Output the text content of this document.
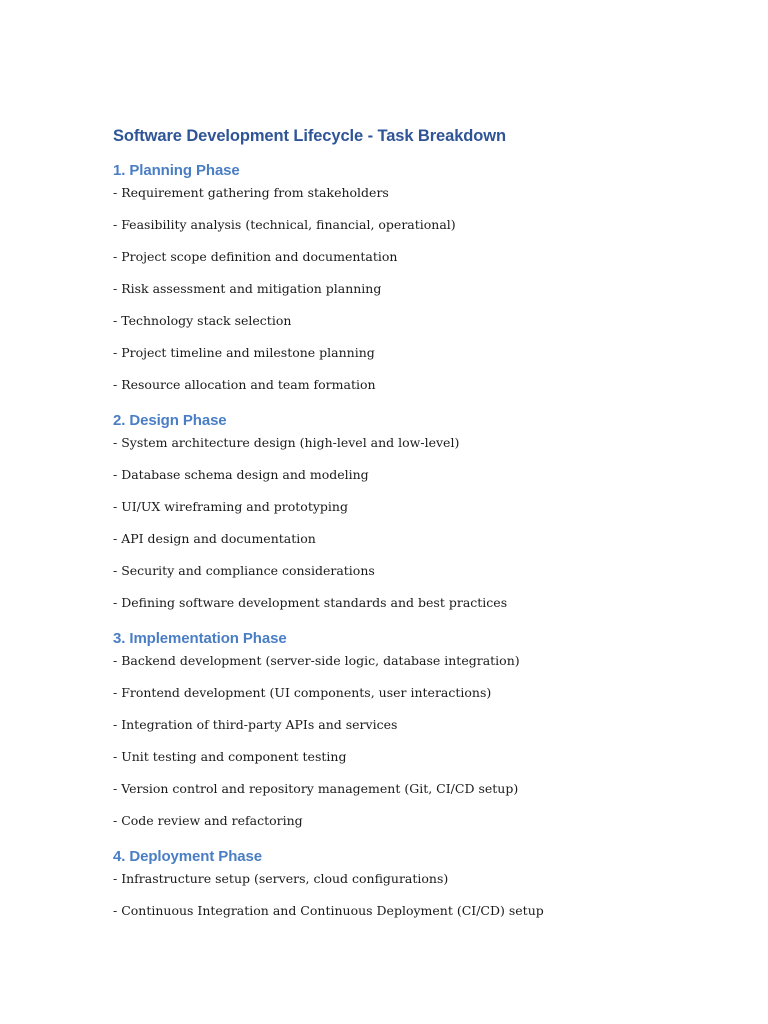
Software Development Lifecycle - Task Breakdown
1. Planning Phase
- Requirement gathering from stakeholders
- Feasibility analysis (technical, financial, operational)
- Project scope definition and documentation
- Risk assessment and mitigation planning
- Technology stack selection
- Project timeline and milestone planning
- Resource allocation and team formation
2. Design Phase
- System architecture design (high-level and low-level)
- Database schema design and modeling
- UI/UX wireframing and prototyping
- API design and documentation
- Security and compliance considerations
- Defining software development standards and best practices
3. Implementation Phase
- Backend development (server-side logic, database integration)
- Frontend development (UI components, user interactions)
- Integration of third-party APIs and services
- Unit testing and component testing
- Version control and repository management (Git, CI/CD setup)
- Code review and refactoring
4. Deployment Phase
- Infrastructure setup (servers, cloud configurations)
- Continuous Integration and Continuous Deployment (CI/CD) setup
